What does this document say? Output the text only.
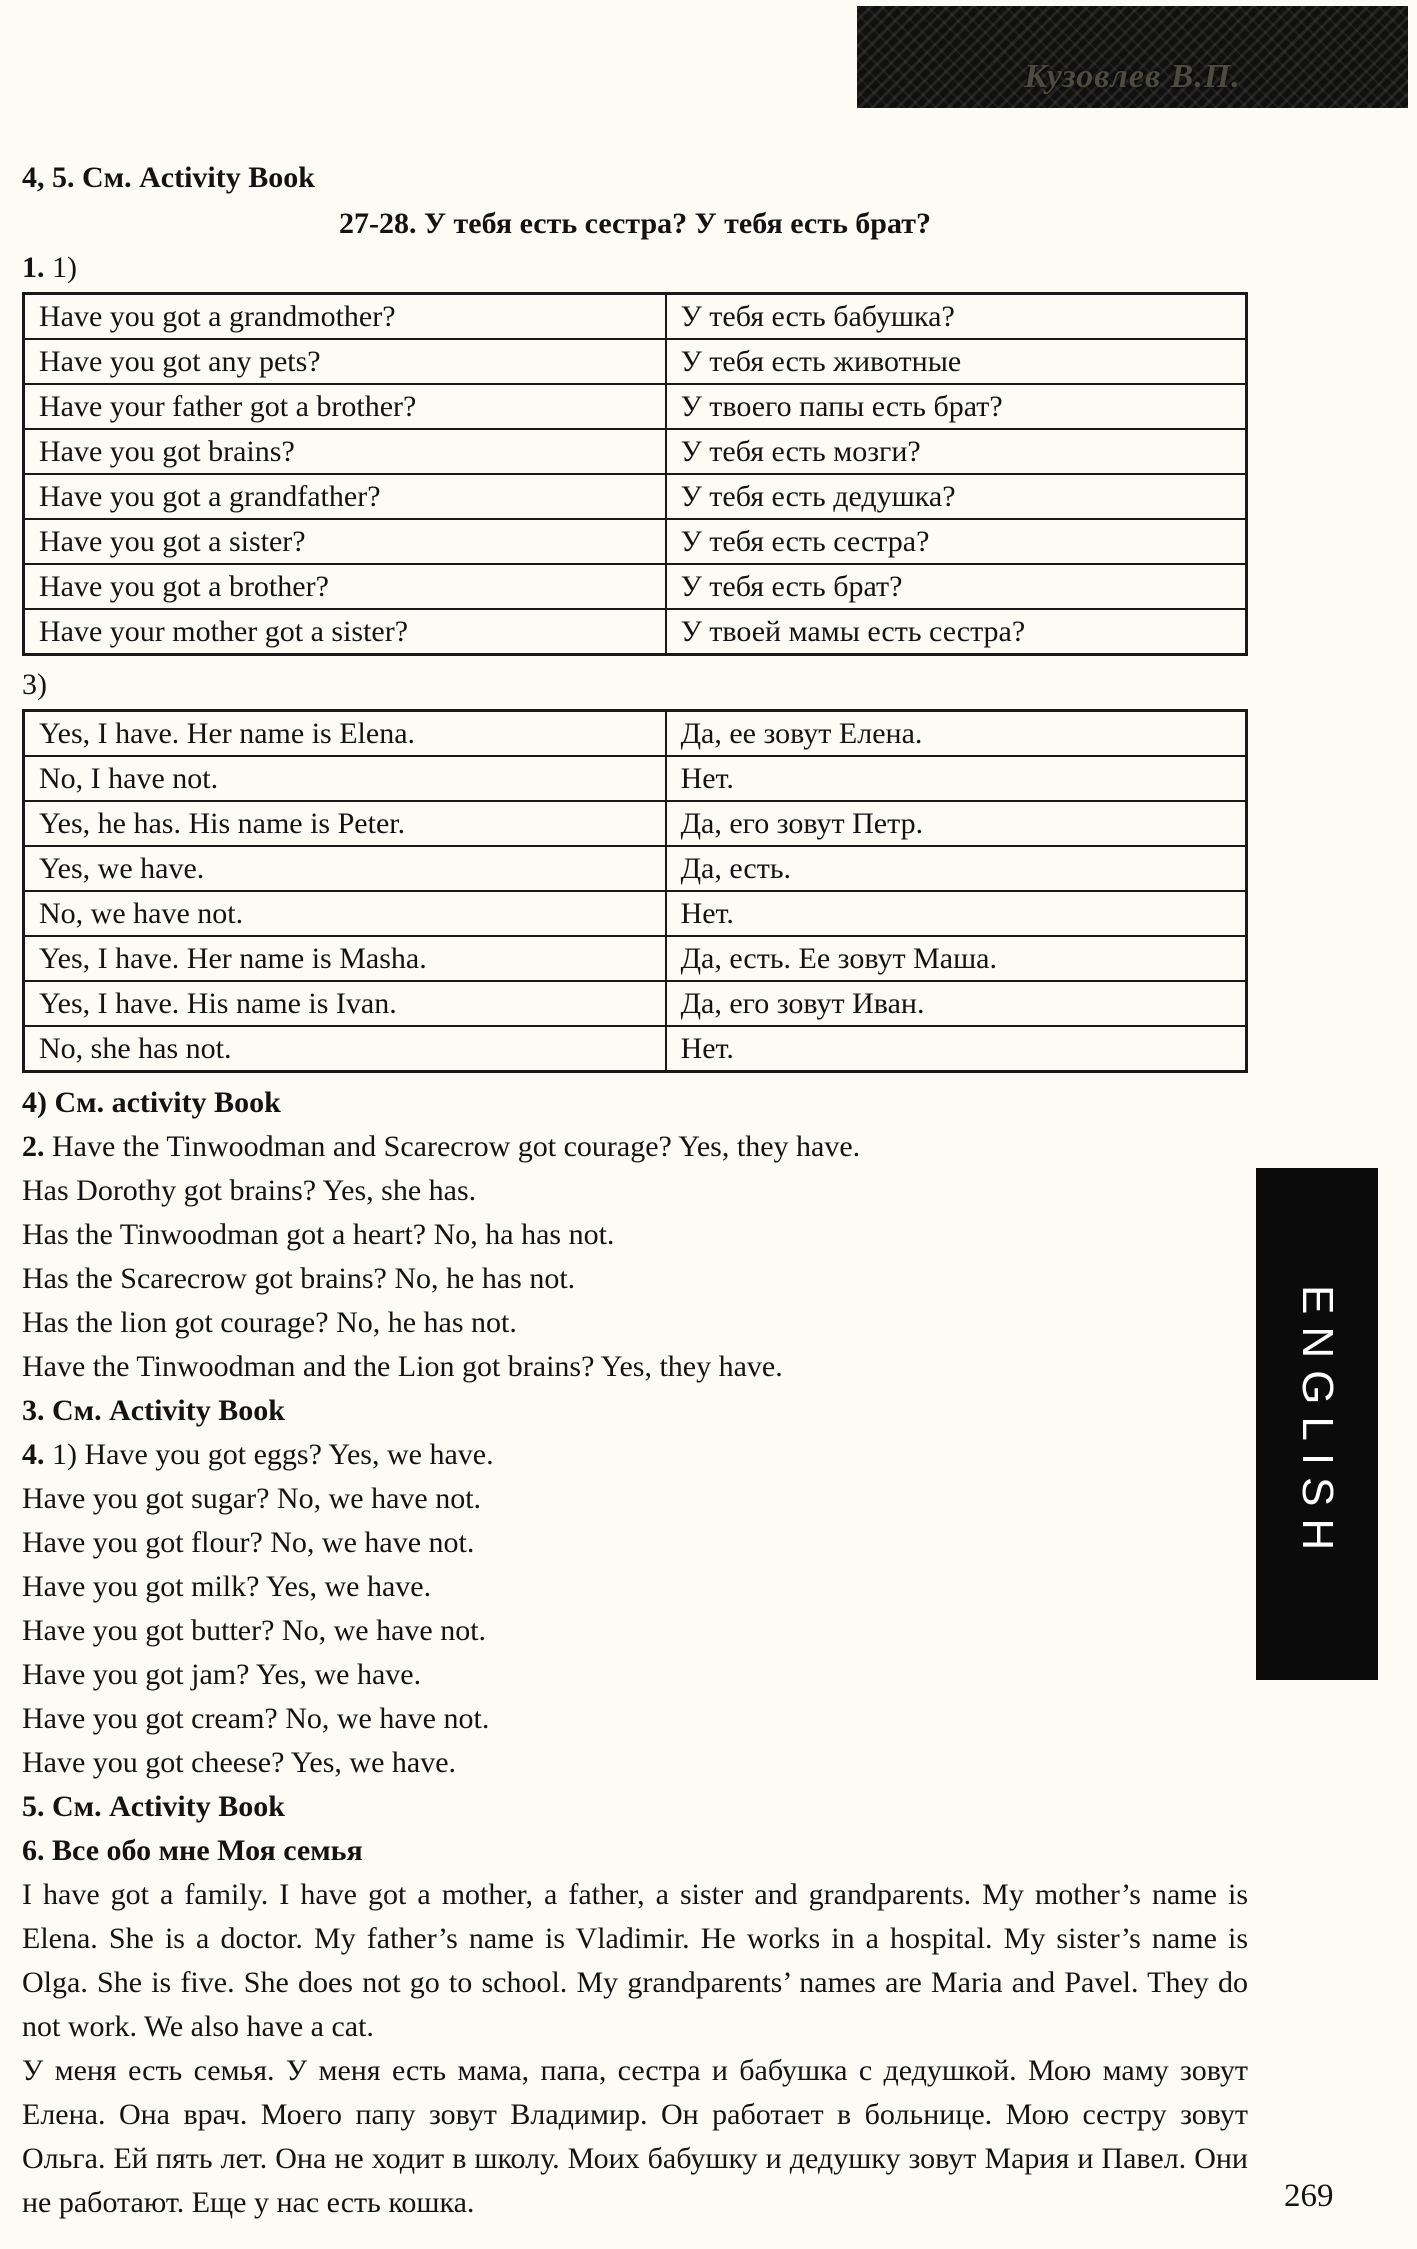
Кузовлев В.П.
ENGLISH

4, 5. См. Activity Book

27-28. У тебя есть сестра? У тебя есть брат?

1. 1)

Have you got a grandmother?	У тебя есть бабушка?
Have you got any pets?	У тебя есть животные
Have your father got a brother?	У твоего папы есть брат?
Have you got brains?	У тебя есть мозги?
Have you got a grandfather?	У тебя есть дедушка?
Have you got a sister?	У тебя есть сестра?
Have you got a brother?	У тебя есть брат?
Have your mother got a sister?	У твоей мамы есть сестра?

3)

Yes, I have. Her name is Elena.	Да, ее зовут Елена.
No, I have not.	Нет.
Yes, he has. His name is Peter.	Да, его зовут Петр.
Yes, we have.	Да, есть.
No, we have not.	Нет.
Yes, I have. Her name is Masha.	Да, есть. Ее зовут Маша.
Yes, I have. His name is Ivan.	Да, его зовут Иван.
No, she has not.	Нет.

4) См. activity Book

2. Have the Tinwoodman and Scarecrow got courage? Yes, they have.

Has Dorothy got brains? Yes, she has.

Has the Tinwoodman got a heart? No, ha has not.

Has the Scarecrow got brains? No, he has not.

Has the lion got courage? No, he has not.

Have the Tinwoodman and the Lion got brains? Yes, they have.

3. См. Activity Book

4. 1) Have you got eggs? Yes, we have.

Have you got sugar? No, we have not.

Have you got flour? No, we have not.

Have you got milk? Yes, we have.

Have you got butter? No, we have not.

Have you got jam? Yes, we have.

Have you got cream? No, we have not.

Have you got cheese? Yes, we have.

5. См. Activity Book

6. Все обо мне Моя семья

I have got a family. I have got a mother, a father, a sister and grandparents. My mother’s name is Elena. She is a doctor. My father’s name is Vladimir. He works in a hospital. My sister’s name is Olga. She is five. She does not go to school. My grandparents’ names are Maria and Pavel. They do not work. We also have a cat.

У меня есть семья. У меня есть мама, папа, сестра и бабушка с дедушкой. Мою маму зовут Елена. Она врач. Моего папу зовут Владимир. Он работает в больнице. Мою сестру зовут Ольга. Ей пять лет. Она не ходит в школу. Моих бабушку и дедушку зовут Мария и Павел. Они не работают. Еще у нас есть кошка.	269
